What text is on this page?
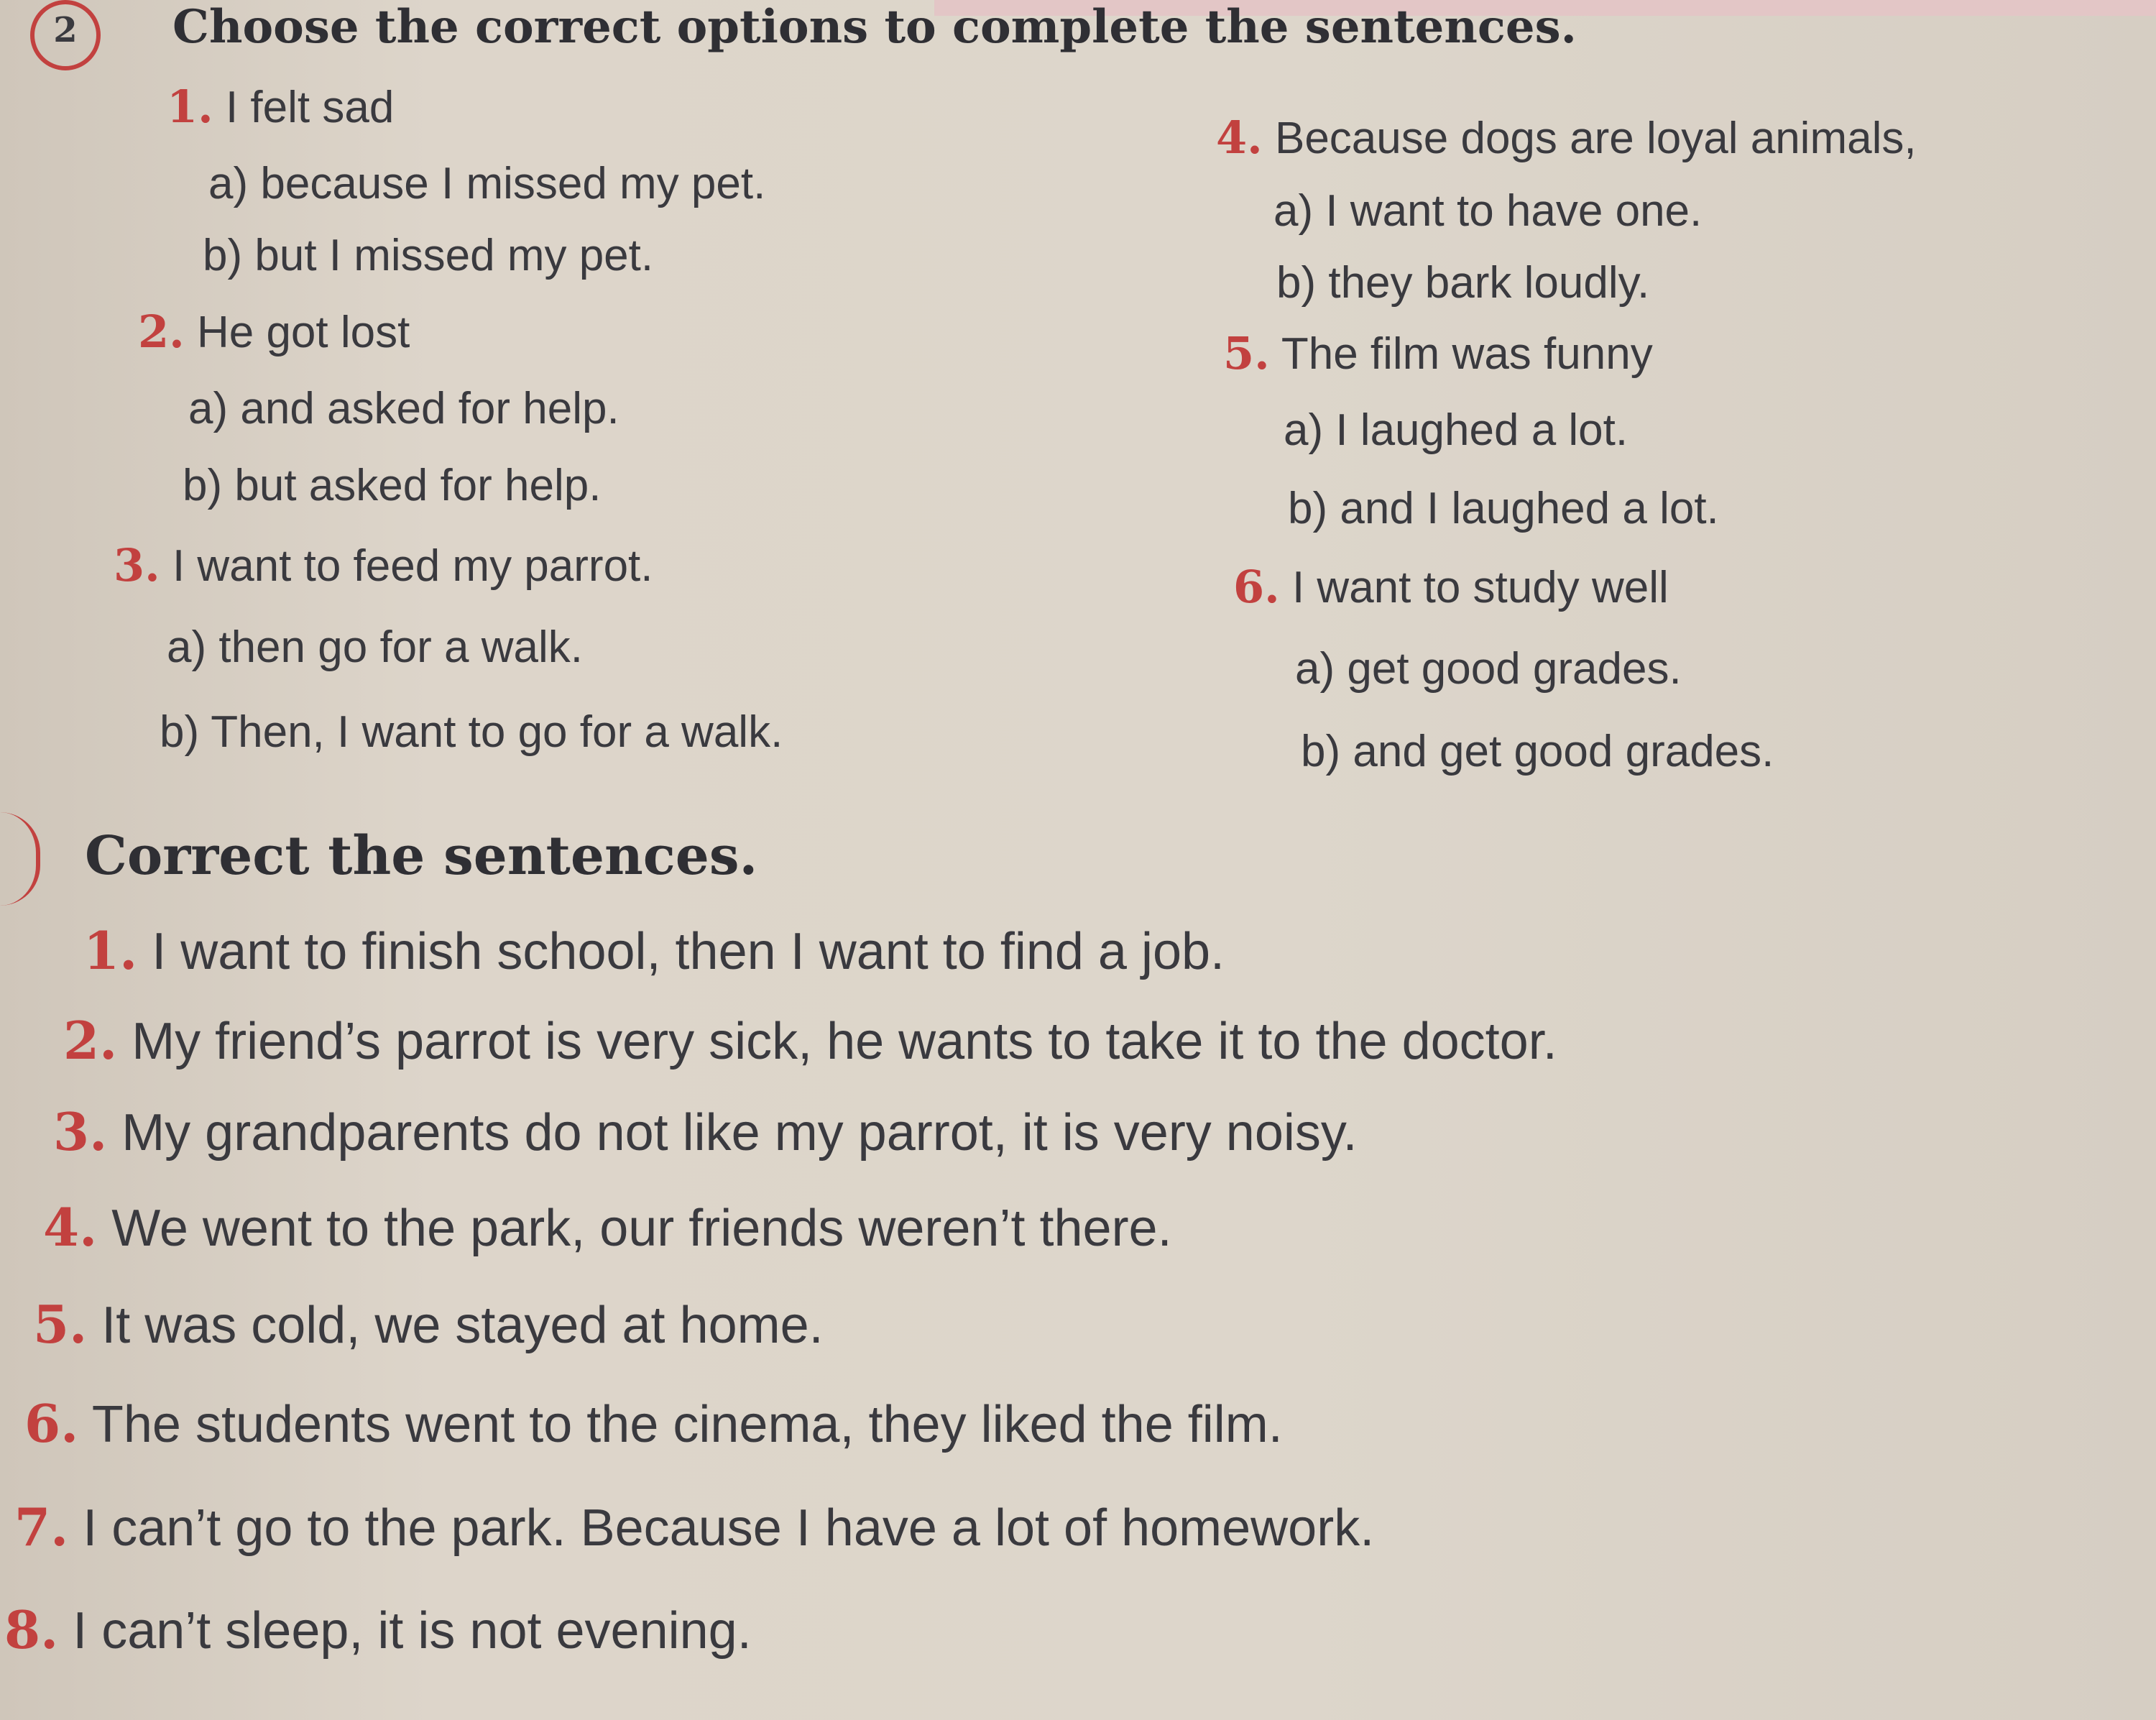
2	Choose the correct options to complete the sentences.
1. I felt sad
a) because I missed my pet.
b) but I missed my pet.
2. He got lost
a) and asked for help.
b) but asked for help.
3. I want to feed my parrot.
a) then go for a walk.
b) Then, I want to go for a walk.
4. Because dogs are loyal animals,
a) I want to have one.
b) they bark loudly.
5. The film was funny
a) I laughed a lot.
b) and I laughed a lot.
6. I want to study well
a) get good grades.
b) and get good grades.
Correct the sentences.
1. I want to finish school, then I want to find a job.
2. My friend’s parrot is very sick, he wants to take it to the doctor.
3. My grandparents do not like my parrot, it is very noisy.
4. We went to the park, our friends weren’t there.
5. It was cold, we stayed at home.
6. The students went to the cinema, they liked the film.
7. I can’t go to the park. Because I have a lot of homework.
8. I can’t sleep, it is not evening.
